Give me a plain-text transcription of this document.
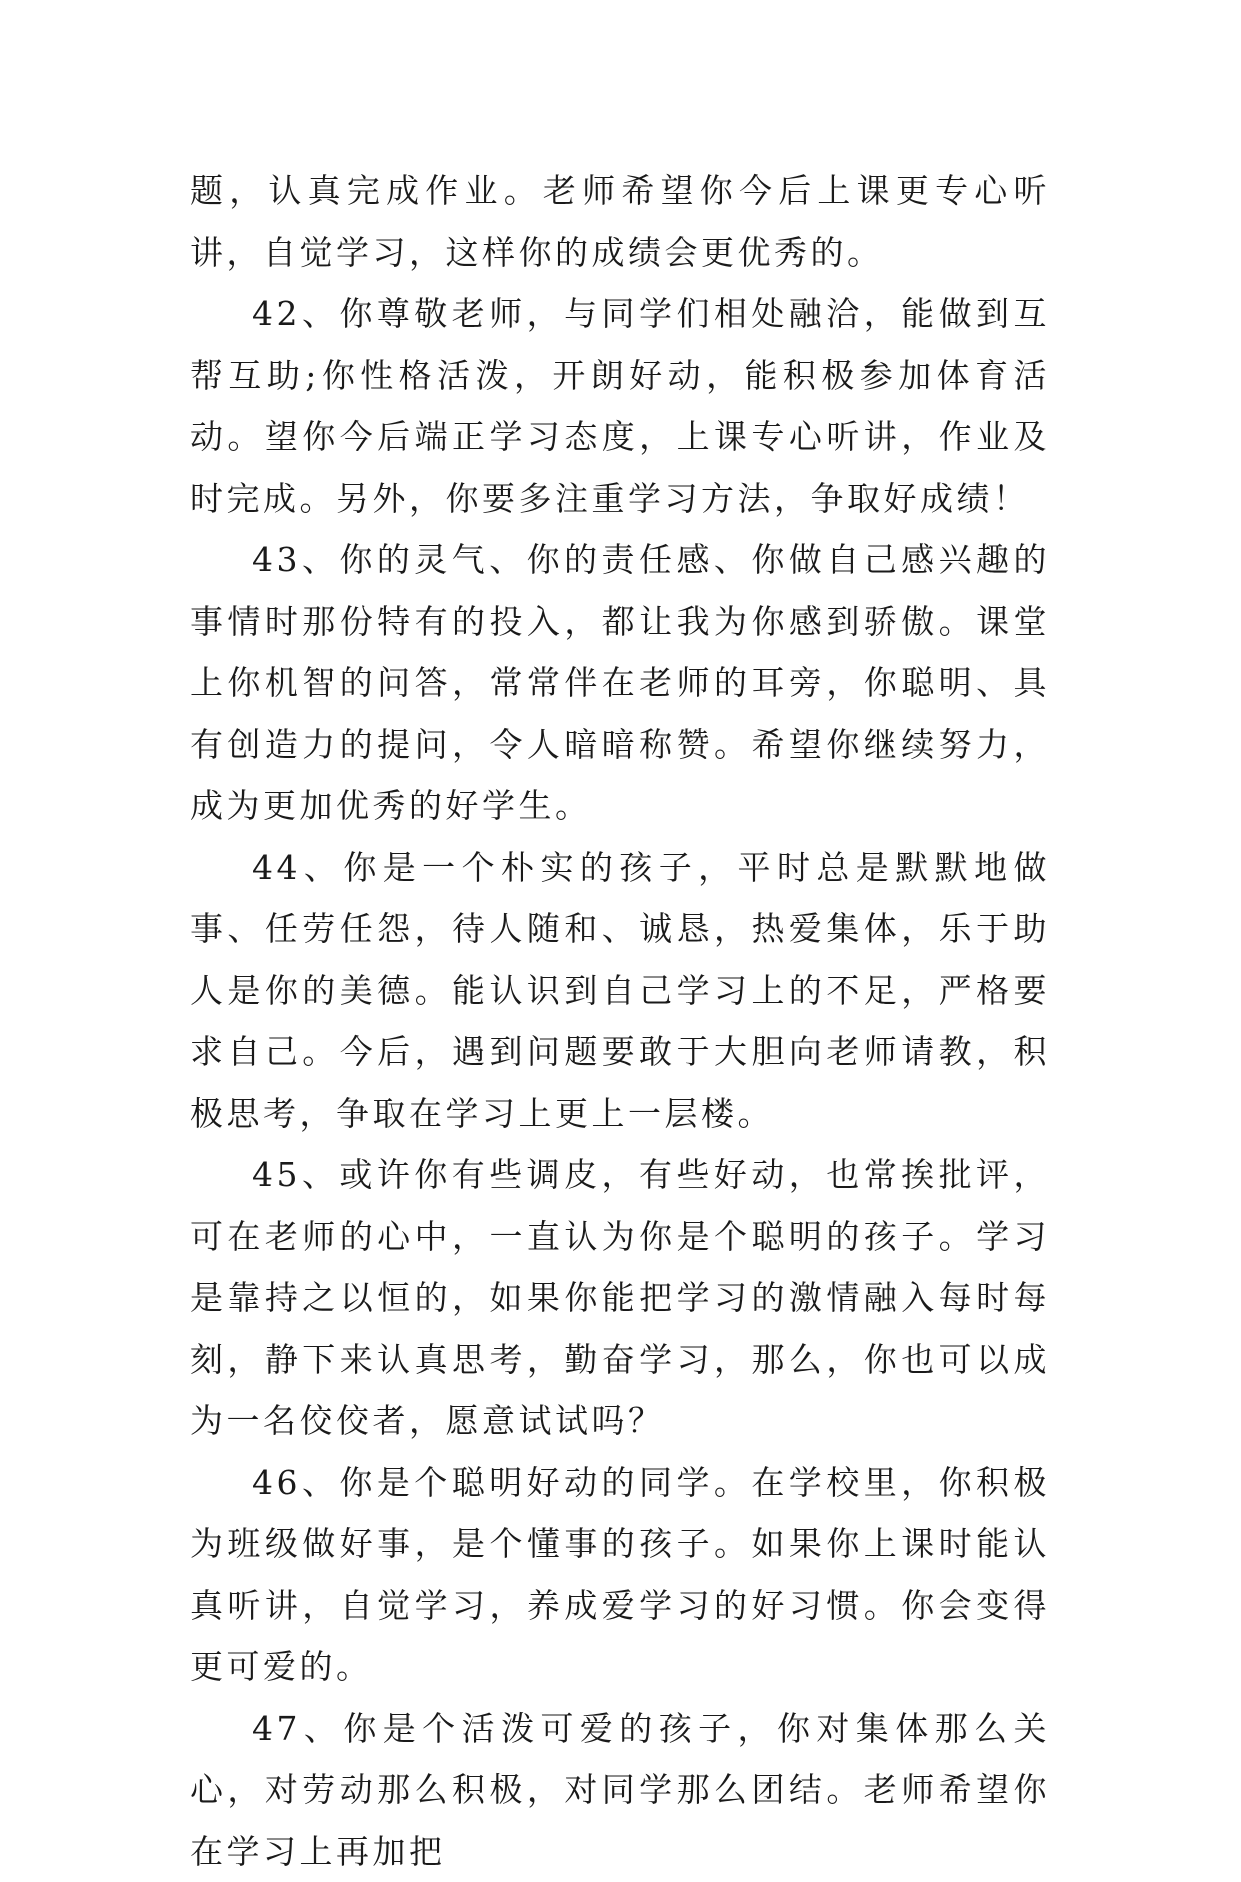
题，认真完成作业。老师希望你今后上课更专心听讲，自觉学习，这样你的成绩会更优秀的。

42、你尊敬老师，与同学们相处融洽，能做到互帮互助;你性格活泼，开朗好动，能积极参加体育活动。望你今后端正学习态度，上课专心听讲，作业及时完成。另外，你要多注重学习方法，争取好成绩！

43、你的灵气、你的责任感、你做自己感兴趣的事情时那份特有的投入，都让我为你感到骄傲。课堂上你机智的问答，常常伴在老师的耳旁，你聪明、具有创造力的提问，令人暗暗称赞。希望你继续努力，成为更加优秀的好学生。

44、你是一个朴实的孩子，平时总是默默地做事、任劳任怨，待人随和、诚恳，热爱集体，乐于助人是你的美德。能认识到自己学习上的不足，严格要求自己。今后，遇到问题要敢于大胆向老师请教，积极思考，争取在学习上更上一层楼。

45、或许你有些调皮，有些好动，也常挨批评，可在老师的心中，一直认为你是个聪明的孩子。学习是靠持之以恒的，如果你能把学习的激情融入每时每刻，静下来认真思考，勤奋学习，那么，你也可以成为一名佼佼者，愿意试试吗？

46、你是个聪明好动的同学。在学校里，你积极为班级做好事，是个懂事的孩子。如果你上课时能认真听讲，自觉学习，养成爱学习的好习惯。你会变得更可爱的。

47、你是个活泼可爱的孩子，你对集体那么关心，对劳动那么积极，对同学那么团结。老师希望你在学习上再加把
